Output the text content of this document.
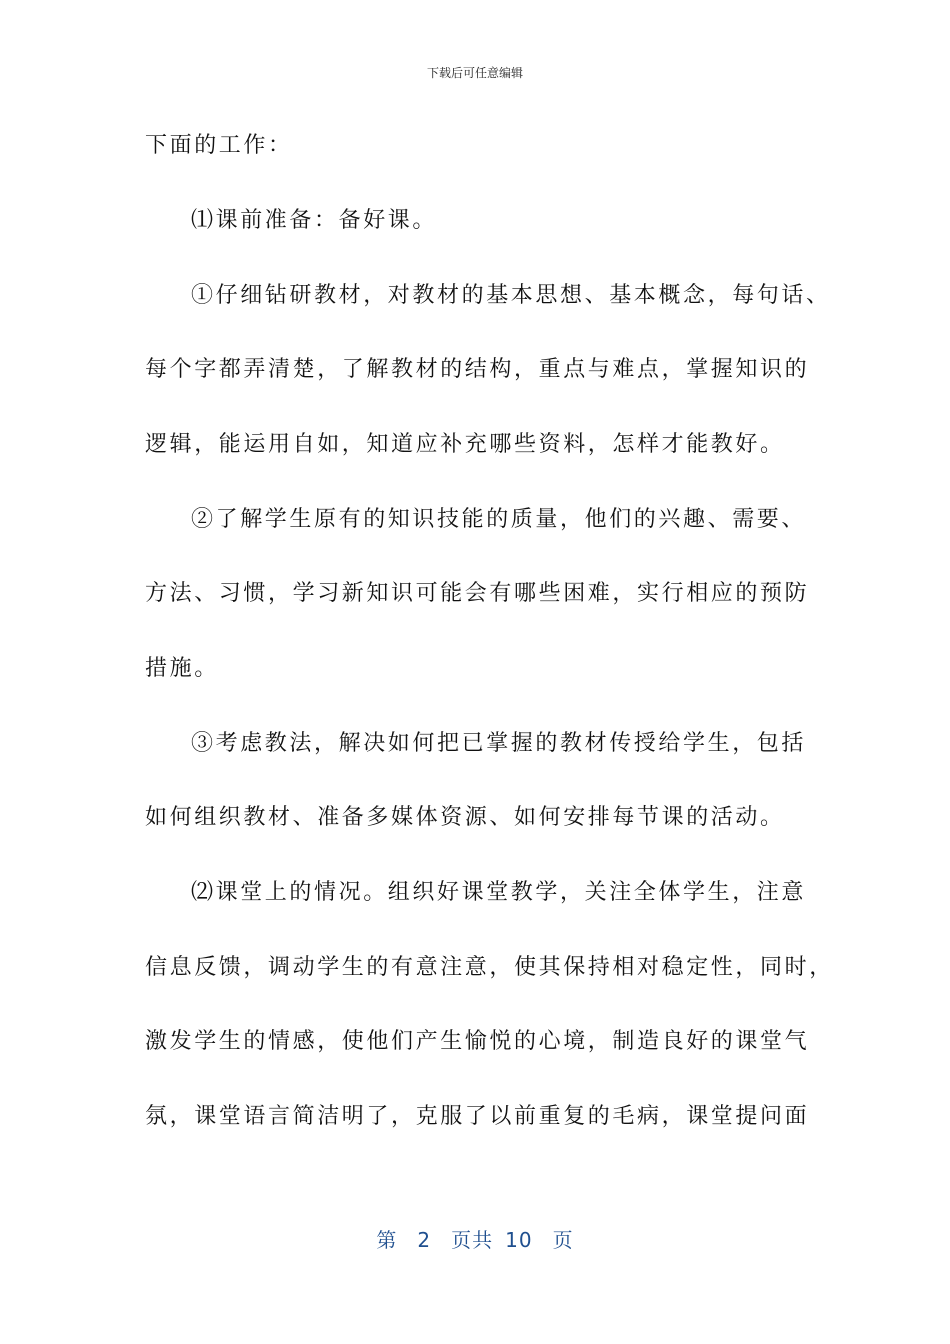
下载后可任意编辑
下面的工作：
⑴课前准备：备好课。
①仔细钻研教材，对教材的基本思想、基本概念，每句话、
每个字都弄清楚，了解教材的结构，重点与难点，掌握知识的
逻辑，能运用自如，知道应补充哪些资料，怎样才能教好。
②了解学生原有的知识技能的质量，他们的兴趣、需要、
方法、习惯，学习新知识可能会有哪些困难，实行相应的预防
措施。
③考虑教法，解决如何把已掌握的教材传授给学生，包括
如何组织教材、准备多媒体资源、如何安排每节课的活动。
⑵课堂上的情况。组织好课堂教学，关注全体学生，注意
信息反馈，调动学生的有意注意，使其保持相对稳定性，同时，
激发学生的情感，使他们产生愉悦的心境，制造良好的课堂气
氛，课堂语言简洁明了，克服了以前重复的毛病，课堂提问面
第 2 页共 10 页
